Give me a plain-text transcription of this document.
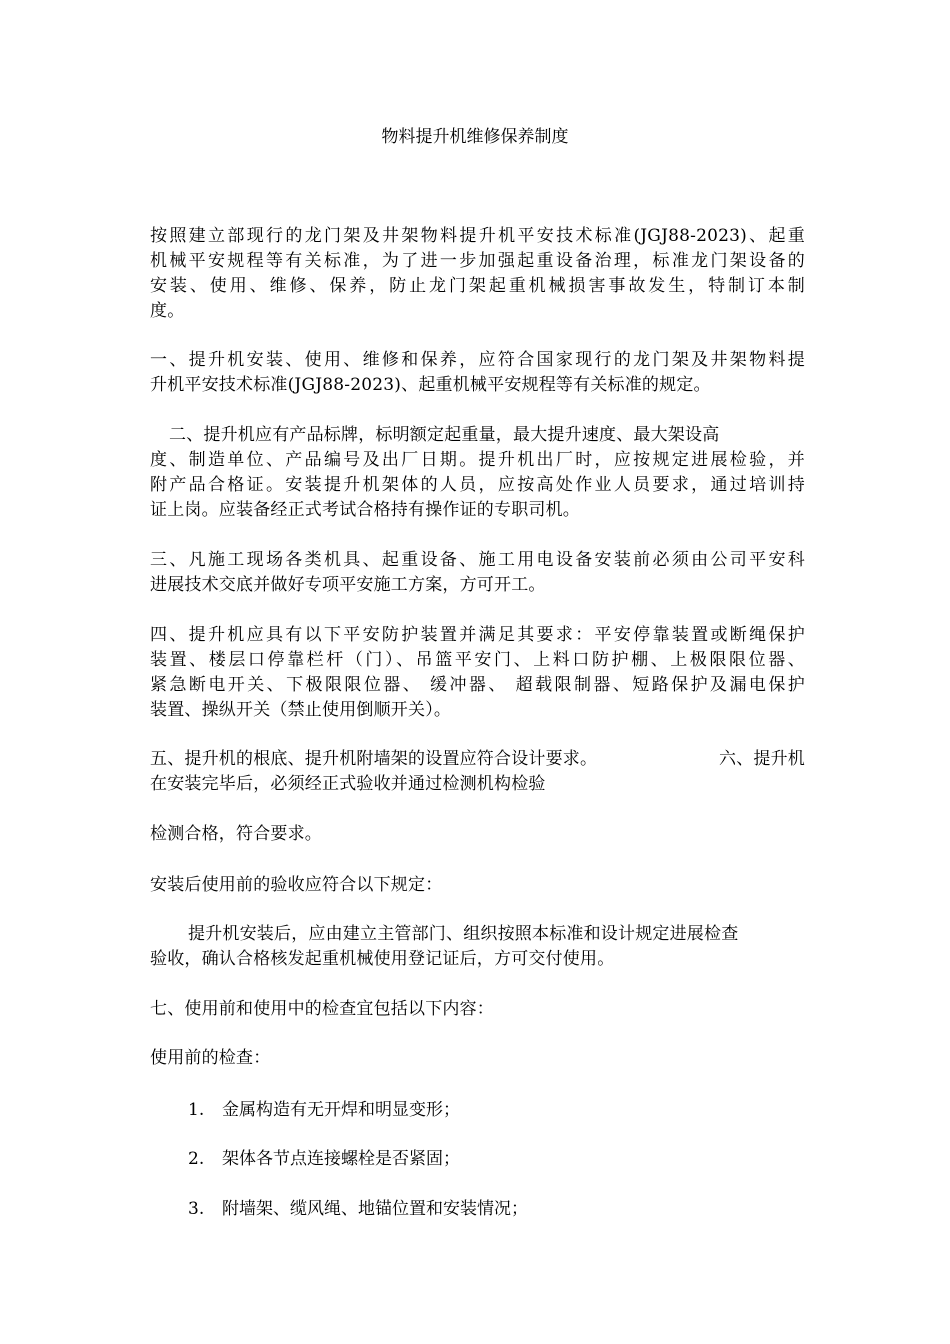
物料提升机维修保养制度
按照建立部现行的龙门架及井架物料提升机平安技术标准(JGJ88-2023)、起重
机械平安规程等有关标准，为了进一步加强起重设备治理，标准龙门架设备的
安装、使用、维修、保养，防止龙门架起重机械损害事故发生，特制订本制
度。
一、提升机安装、使用、维修和保养，应符合国家现行的龙门架及井架物料提
升机平安技术标准(JGJ88-2023)、起重机械平安规程等有关标准的规定。
二、提升机应有产品标牌，标明额定起重量，最大提升速度、最大架设高
度、制造单位、产品编号及出厂日期。提升机出厂时，应按规定进展检验，并
附产品合格证。安装提升机架体的人员，应按高处作业人员要求，通过培训持
证上岗。应装备经正式考试合格持有操作证的专职司机。
三、凡施工现场各类机具、起重设备、施工用电设备安装前必须由公司平安科
进展技术交底并做好专项平安施工方案，方可开工。
四、提升机应具有以下平安防护装置并满足其要求：平安停靠装置或断绳保护
装置、楼层口停靠栏杆（门）、吊篮平安门、上料口防护棚、上极限限位器、
紧急断电开关、下极限限位器、 缓冲器、 超载限制器、短路保护及漏电保护
装置、操纵开关（禁止使用倒顺开关）。
五、提升机的根底、提升机附墙架的设置应符合设计要求。	六、提升机
在安装完毕后，必须经正式验收并通过检测机构检验
检测合格，符合要求。
安装后使用前的验收应符合以下规定：
提升机安装后，应由建立主管部门、组织按照本标准和设计规定进展检查
验收，确认合格核发起重机械使用登记证后，方可交付使用。
七、使用前和使用中的检查宜包括以下内容：
使用前的检查：
1. 金属构造有无开焊和明显变形；
2. 架体各节点连接螺栓是否紧固；
3. 附墙架、缆风绳、地锚位置和安装情况；
